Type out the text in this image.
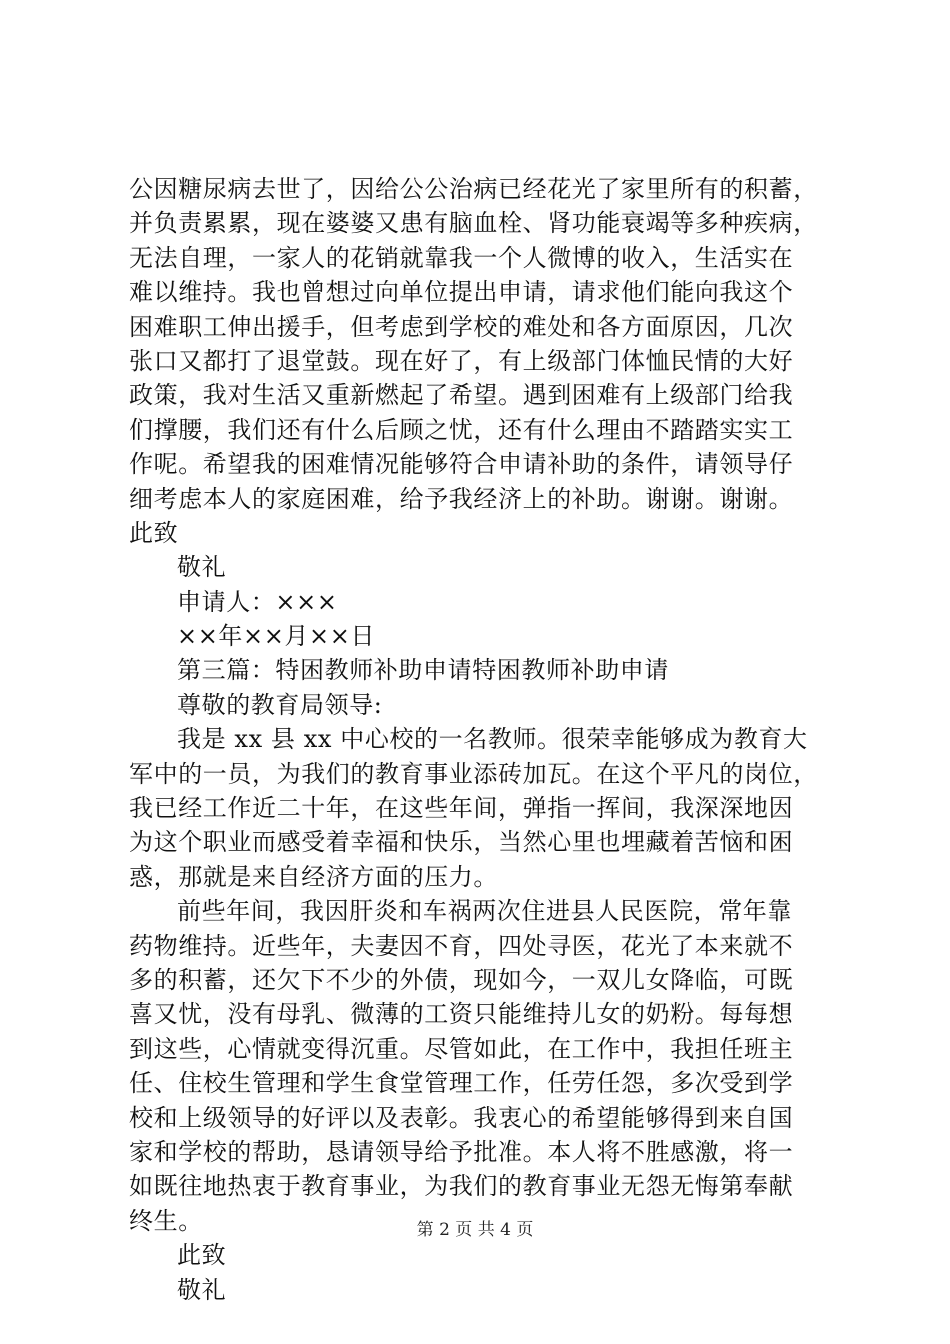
公因糖尿病去世了，因给公公治病已经花光了家里所有的积蓄，
并负责累累，现在婆婆又患有脑血栓、肾功能衰竭等多种疾病，
无法自理，一家人的花销就靠我一个人微博的收入，生活实在
难以维持。我也曾想过向单位提出申请，请求他们能向我这个
困难职工伸出援手，但考虑到学校的难处和各方面原因，几次
张口又都打了退堂鼓。现在好了，有上级部门体恤民情的大好
政策，我对生活又重新燃起了希望。遇到困难有上级部门给我
们撑腰，我们还有什么后顾之忧，还有什么理由不踏踏实实工
作呢。希望我的困难情况能够符合申请补助的条件，请领导仔
细考虑本人的家庭困难，给予我经济上的补助。谢谢。谢谢。
此致
敬礼
申请人：×××
××年××月××日
第三篇：特困教师补助申请特困教师补助申请
尊敬的教育局领导:
我是 xx 县 xx 中心校的一名教师。很荣幸能够成为教育大
军中的一员，为我们的教育事业添砖加瓦。在这个平凡的岗位，
我已经工作近二十年，在这些年间，弹指一挥间，我深深地因
为这个职业而感受着幸福和快乐，当然心里也埋藏着苦恼和困
惑，那就是来自经济方面的压力。
前些年间，我因肝炎和车祸两次住进县人民医院，常年靠
药物维持。近些年，夫妻因不育，四处寻医，花光了本来就不
多的积蓄，还欠下不少的外债，现如今，一双儿女降临，可既
喜又忧，没有母乳、微薄的工资只能维持儿女的奶粉。每每想
到这些，心情就变得沉重。尽管如此，在工作中，我担任班主
任、住校生管理和学生食堂管理工作，任劳任怨，多次受到学
校和上级领导的好评以及表彰。我衷心的希望能够得到来自国
家和学校的帮助，恳请领导给予批准。本人将不胜感激，将一
如既往地热衷于教育事业，为我们的教育事业无怨无悔第奉献
终生。
此致
敬礼
第 2 页 共 4 页
